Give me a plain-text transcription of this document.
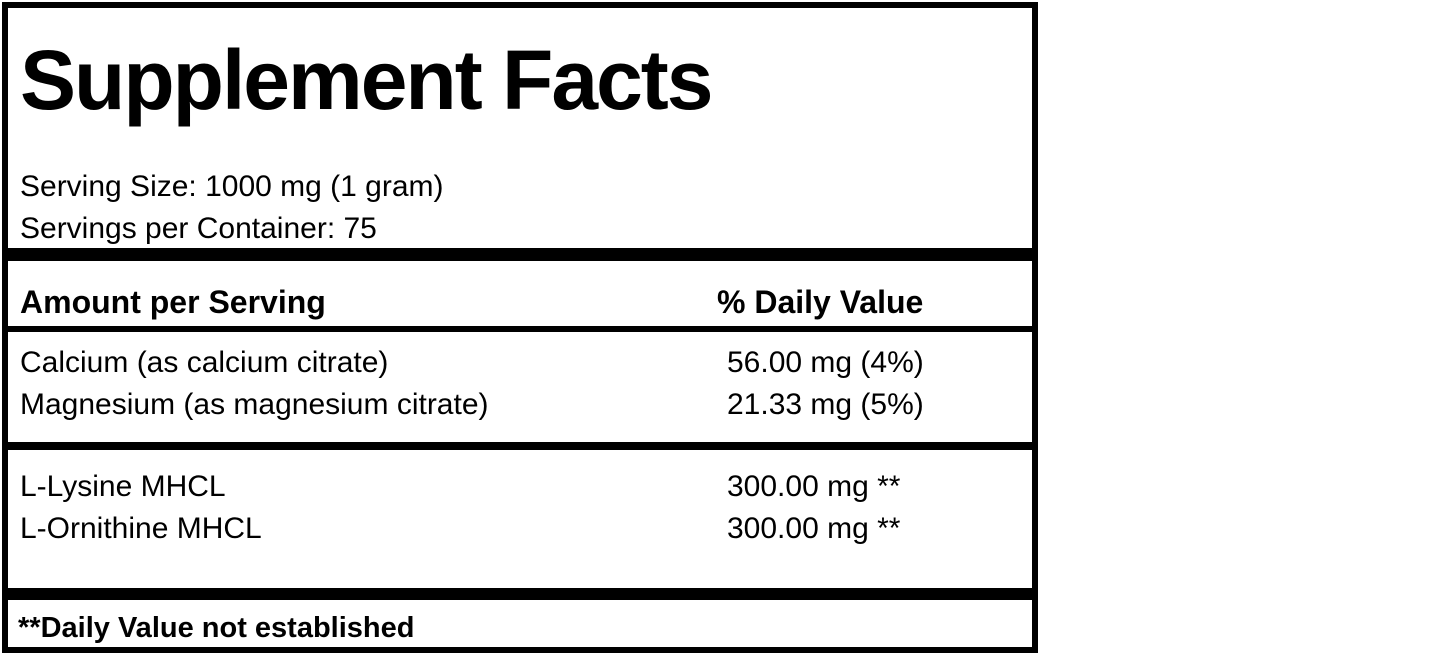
Supplement Facts
Serving Size: 1000 mg (1 gram)
Servings per Container: 75
Amount per Serving	% Daily Value
Calcium (as calcium citrate)	56.00 mg (4%)
Magnesium (as magnesium citrate)	21.33 mg (5%)
L-Lysine MHCL	300.00 mg **
L-Ornithine MHCL	300.00 mg **
**Daily Value not established
